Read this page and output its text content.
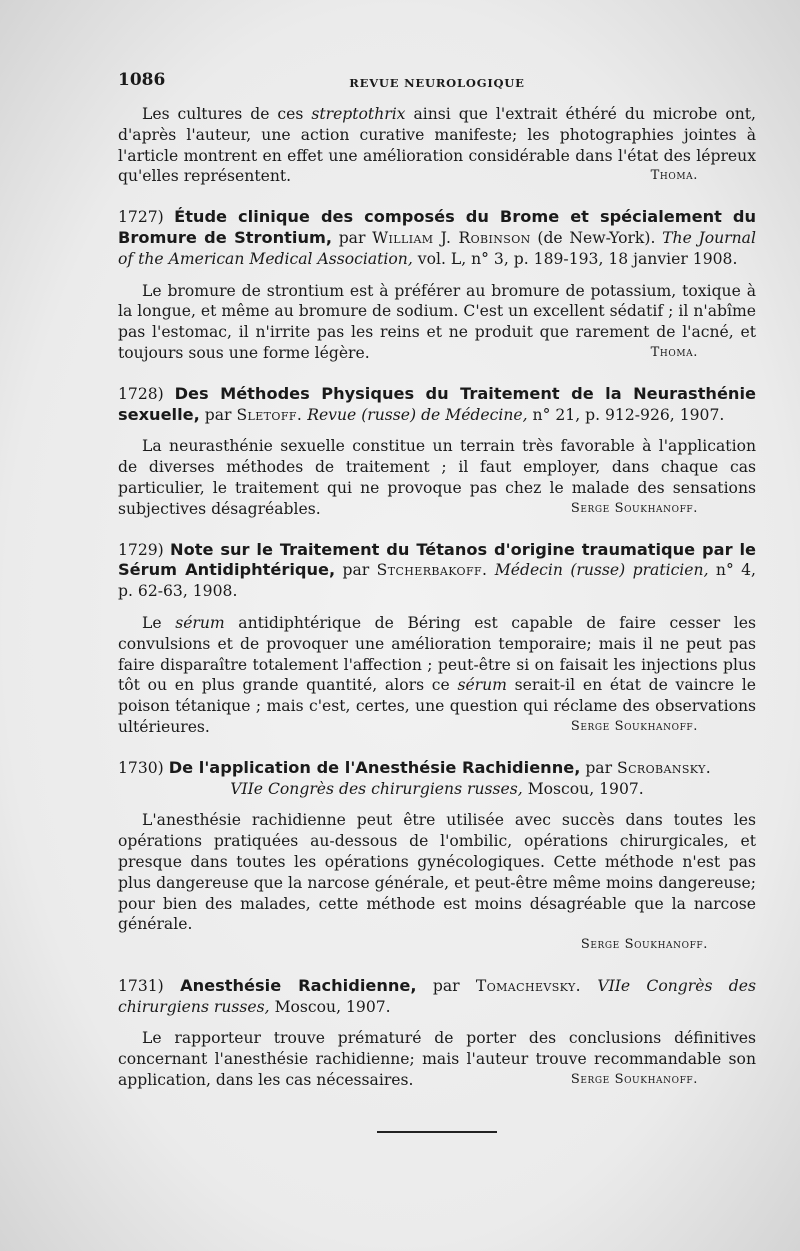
1086	REVUE NEUROLOGIQUE

Les cultures de ces streptothrix ainsi que l'extrait éthéré du microbe ont, d'après l'auteur, une action curative manifeste; les photographies jointes à l'article montrent en effet une amélioration considérable dans l'état des lépreux qu'elles représentent.	Thoma.

1727) Étude clinique des composés du Brome et spécialement du Bromure de Strontium, par William J. Robinson (de New-York). The Journal of the American Medical Association, vol. L, n° 3, p. 189-193, 18 janvier 1908.

Le bromure de strontium est à préférer au bromure de potassium, toxique à la longue, et même au bromure de sodium. C'est un excellent sédatif ; il n'abîme pas l'estomac, il n'irrite pas les reins et ne produit que rarement de l'acné, et toujours sous une forme légère.	Thoma.

1728) Des Méthodes Physiques du Traitement de la Neurasthénie sexuelle, par Sletoff. Revue (russe) de Médecine, n° 21, p. 912-926, 1907.

La neurasthénie sexuelle constitue un terrain très favorable à l'application de diverses méthodes de traitement ; il faut employer, dans chaque cas particulier, le traitement qui ne provoque pas chez le malade des sensations subjectives désagréables.	Serge Soukhanoff.

1729) Note sur le Traitement du Tétanos d'origine traumatique par le Sérum Antidiphtérique, par Stcherbakoff. Médecin (russe) praticien, n° 4, p. 62-63, 1908.

Le sérum antidiphtérique de Béring est capable de faire cesser les convulsions et de provoquer une amélioration temporaire; mais il ne peut pas faire disparaître totalement l'affection ; peut-être si on faisait les injections plus tôt ou en plus grande quantité, alors ce sérum serait-il en état de vaincre le poison tétanique ; mais c'est, certes, une question qui réclame des observations ultérieures.	Serge Soukhanoff.

1730) De l'application de l'Anesthésie Rachidienne, par Scrobansky.
VIIe Congrès des chirurgiens russes, Moscou, 1907.

L'anesthésie rachidienne peut être utilisée avec succès dans toutes les opérations pratiquées au-dessous de l'ombilic, opérations chirurgicales, et presque dans toutes les opérations gynécologiques. Cette méthode n'est pas plus dangereuse que la narcose générale, et peut-être même moins dangereuse; pour bien des malades, cette méthode est moins désagréable que la narcose générale.

Serge Soukhanoff.

1731) Anesthésie Rachidienne, par Tomachevsky. VIIe Congrès des chirurgiens russes, Moscou, 1907.

Le rapporteur trouve prématuré de porter des conclusions définitives concernant l'anesthésie rachidienne; mais l'auteur trouve recommandable son application, dans les cas nécessaires.	Serge Soukhanoff.
